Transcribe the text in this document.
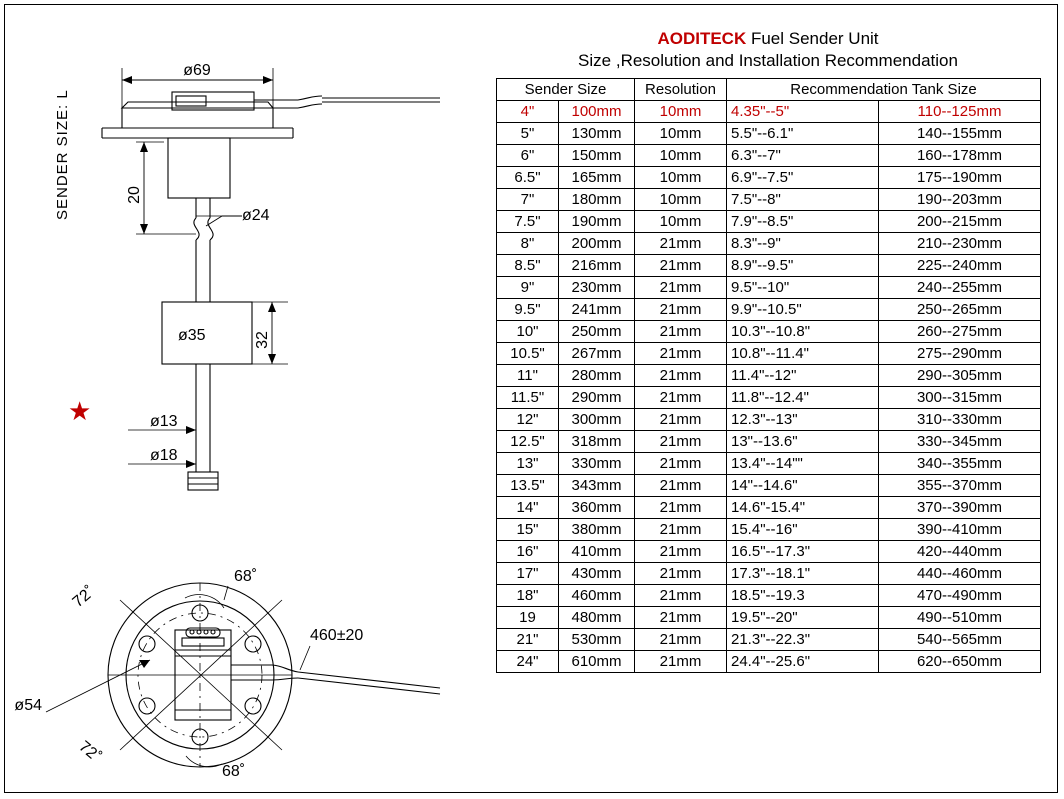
ø69
20
ø24
ø35	32
ø13
ø18
68˚
72˚
72˚
68˚
ø54
460±20
SENDER SIZE: L
★
AODITECK Fuel Sender Unit
Size ,Resolution and Installation Recommendation
Sender Size		Resolution	Recommendation Tank Size	
4"	100mm	10mm	4.35"--5"	110--125mm
5"	130mm	10mm	5.5"--6.1"	140--155mm
6"	150mm	10mm	6.3"--7"	160--178mm
6.5"	165mm	10mm	6.9"--7.5"	175--190mm
7"	180mm	10mm	7.5"--8"	190--203mm
7.5"	190mm	10mm	7.9"--8.5"	200--215mm
8"	200mm	21mm	8.3"--9"	210--230mm
8.5"	216mm	21mm	8.9"--9.5"	225--240mm
9"	230mm	21mm	9.5"--10"	240--255mm
9.5"	241mm	21mm	9.9"--10.5"	250--265mm
10"	250mm	21mm	10.3"--10.8"	260--275mm
10.5"	267mm	21mm	10.8"--11.4"	275--290mm
11"	280mm	21mm	11.4"--12"	290--305mm
11.5"	290mm	21mm	11.8"--12.4"	300--315mm
12"	300mm	21mm	12.3"--13"	310--330mm
12.5"	318mm	21mm	13"--13.6"	330--345mm
13"	330mm	21mm	13.4"--14""	340--355mm
13.5"	343mm	21mm	14"--14.6"	355--370mm
14"	360mm	21mm	14.6"-15.4"	370--390mm
15"	380mm	21mm	15.4"--16"	390--410mm
16"	410mm	21mm	16.5"--17.3"	420--440mm
17"	430mm	21mm	17.3"--18.1"	440--460mm
18"	460mm	21mm	18.5"--19.3	470--490mm
19	480mm	21mm	19.5"--20"	490--510mm
21"	530mm	21mm	21.3"--22.3"	540--565mm
24"	610mm	21mm	24.4"--25.6"	620--650mm
